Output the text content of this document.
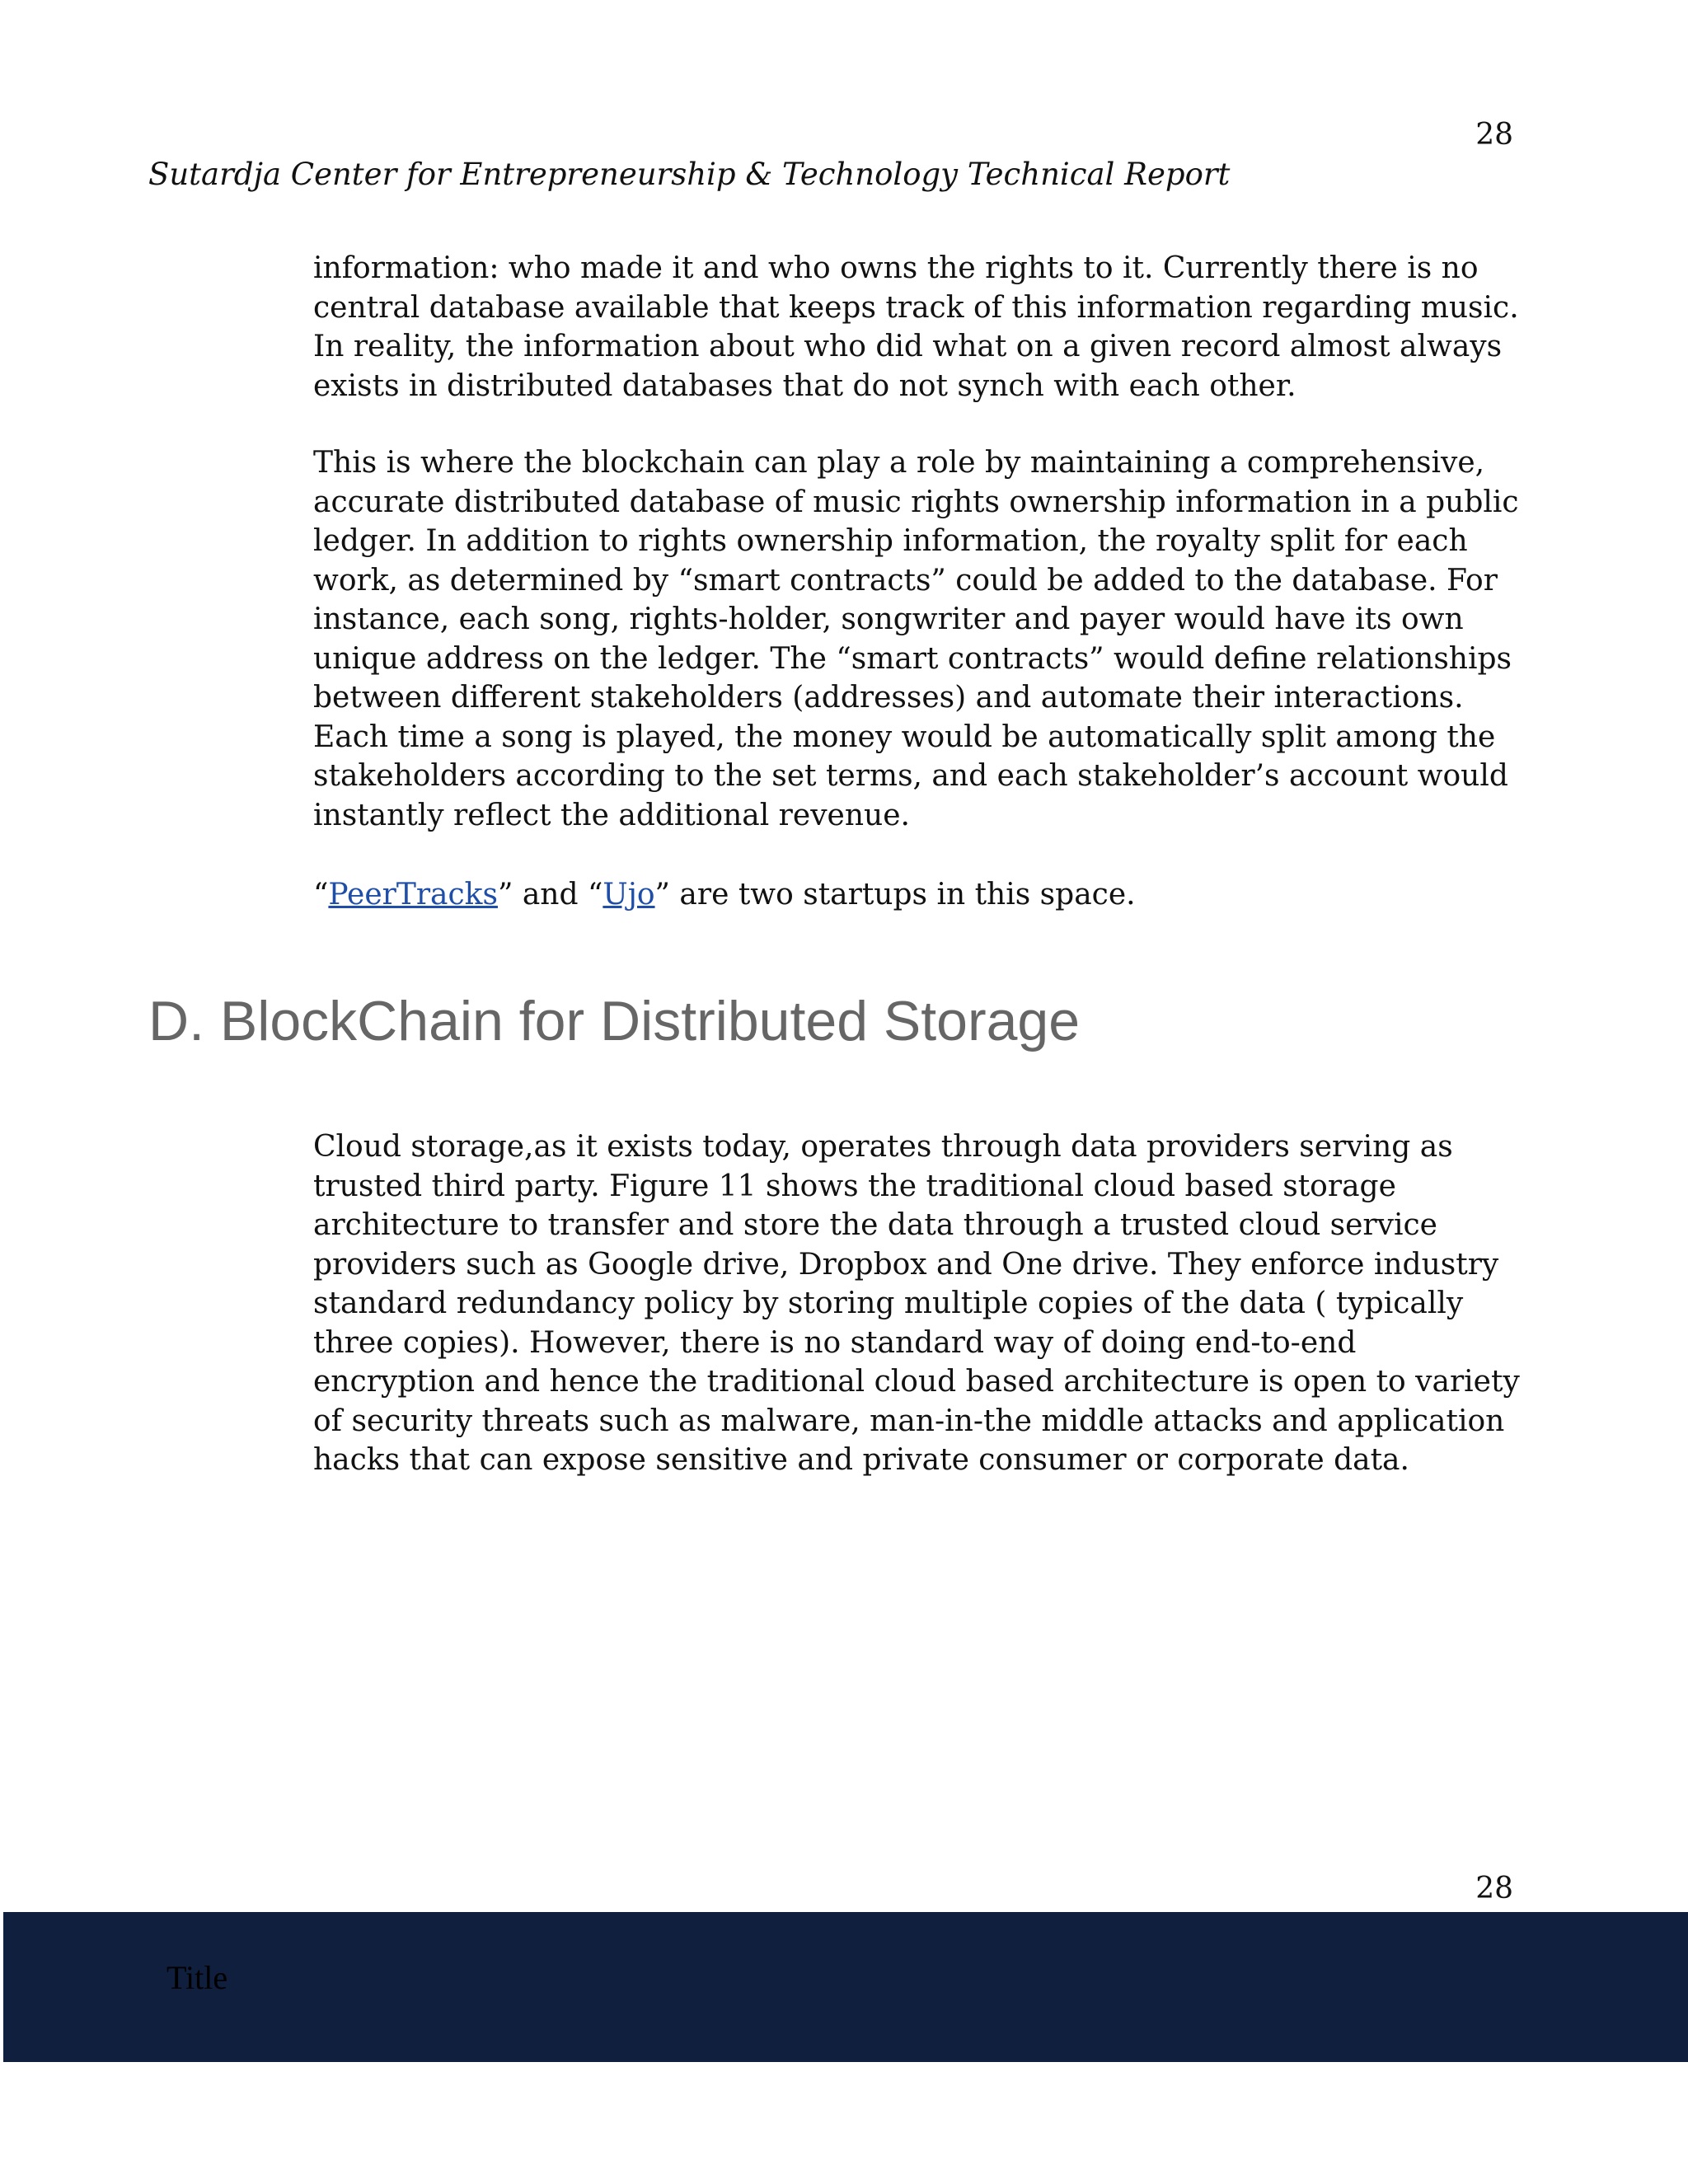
28
Sutardja Center for Entrepreneurship & Technology Technical Report

information: who made it and who owns the rights to it. Currently there is no central database available that keeps track of this information regarding music. In reality, the information about who did what on a given record almost always exists in distributed databases that do not synch with each other.

This is where the blockchain can play a role by maintaining a comprehensive, accurate distributed database of music rights ownership information in a public ledger. In addition to rights ownership information, the royalty split for each work, as determined by “smart contracts” could be added to the database. For instance, each song, rights-holder, songwriter and payer would have its own unique address on the ledger. The “smart contracts” would define relationships between different stakeholders (addresses) and automate their interactions. Each time a song is played, the money would be automatically split among the stakeholders according to the set terms, and each stakeholder’s account would instantly reflect the additional revenue.

“PeerTracks” and “Ujo” are two startups in this space.

D. BlockChain for Distributed Storage

Cloud storage,as it exists today, operates through data providers serving as trusted third party. Figure 11 shows the traditional cloud based storage architecture to transfer and store the data through a trusted cloud service providers such as Google drive, Dropbox and One drive. They enforce industry standard redundancy policy by storing multiple copies of the data ( typically three copies). However, there is no standard way of doing end-to-end encryption and hence the traditional cloud based architecture is open to variety of security threats such as malware, man-in-the middle attacks and application hacks that can expose sensitive and private consumer or corporate data.

28
Title
